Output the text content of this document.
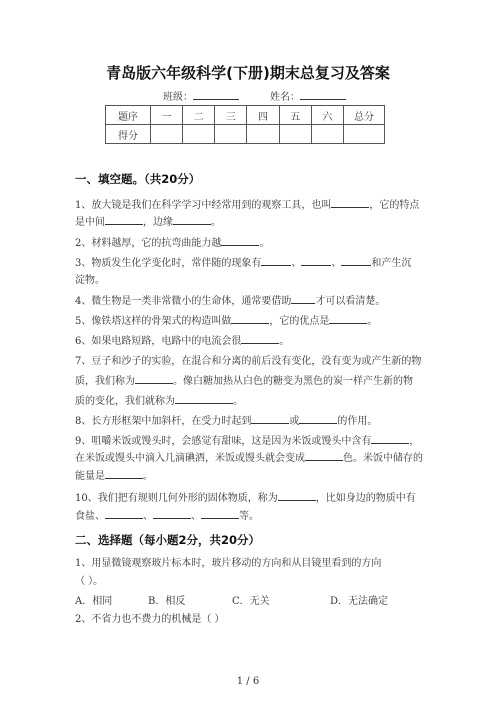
青岛版六年级科学(下册)期末总复习及答案
班级：	姓名：
题序	一	二	三	四	五	六	总分
得分							
一、填空题。（共20分）
1、放大镜是我们在科学学习中经常用到的观察工具，也叫	，它的特点
是中间	，边缘	。
2、材料越厚，它的抗弯曲能力越	。
3、物质发生化学变化时，常伴随的现象有	、	、	和产生沉
淀物。
4、微生物是一类非常微小的生命体，通常要借助 才可以看清楚。
5、像铁塔这样的骨架式的构造叫做	，它的优点是	。
6、如果电路短路，电路中的电流会很	。
7、豆子和沙子的实验，在混合和分离的前后没有变化，没有变为或产生新的物
质，我们称为	。像白糖加热从白色的糖变为黑色的炭一样产生新的物
质的变化，我们就称为	。
8、长方形框架中加斜杆，在受力时起到	或	的作用。
9、咀嚼米饭或馒头时，会感觉有甜味，这是因为米饭或馒头中含有	，
在米饭或馒头中滴入几滴碘酒，米饭或馒头就会变成	色。米饭中储存的
能量是	。
10、我们把有规则几何外形的固体物质，称为	，比如身边的物质中有
食盐、	、	、	等。
二、选择题（每小题2分，共20分）
1、用显微镜观察玻片标本时，玻片移动的方向和从目镜里看到的方向
（ ）。
A．相同	B．相反	C．无关	D．无法确定
2、不省力也不费力的机械是（ ）
1 / 6
